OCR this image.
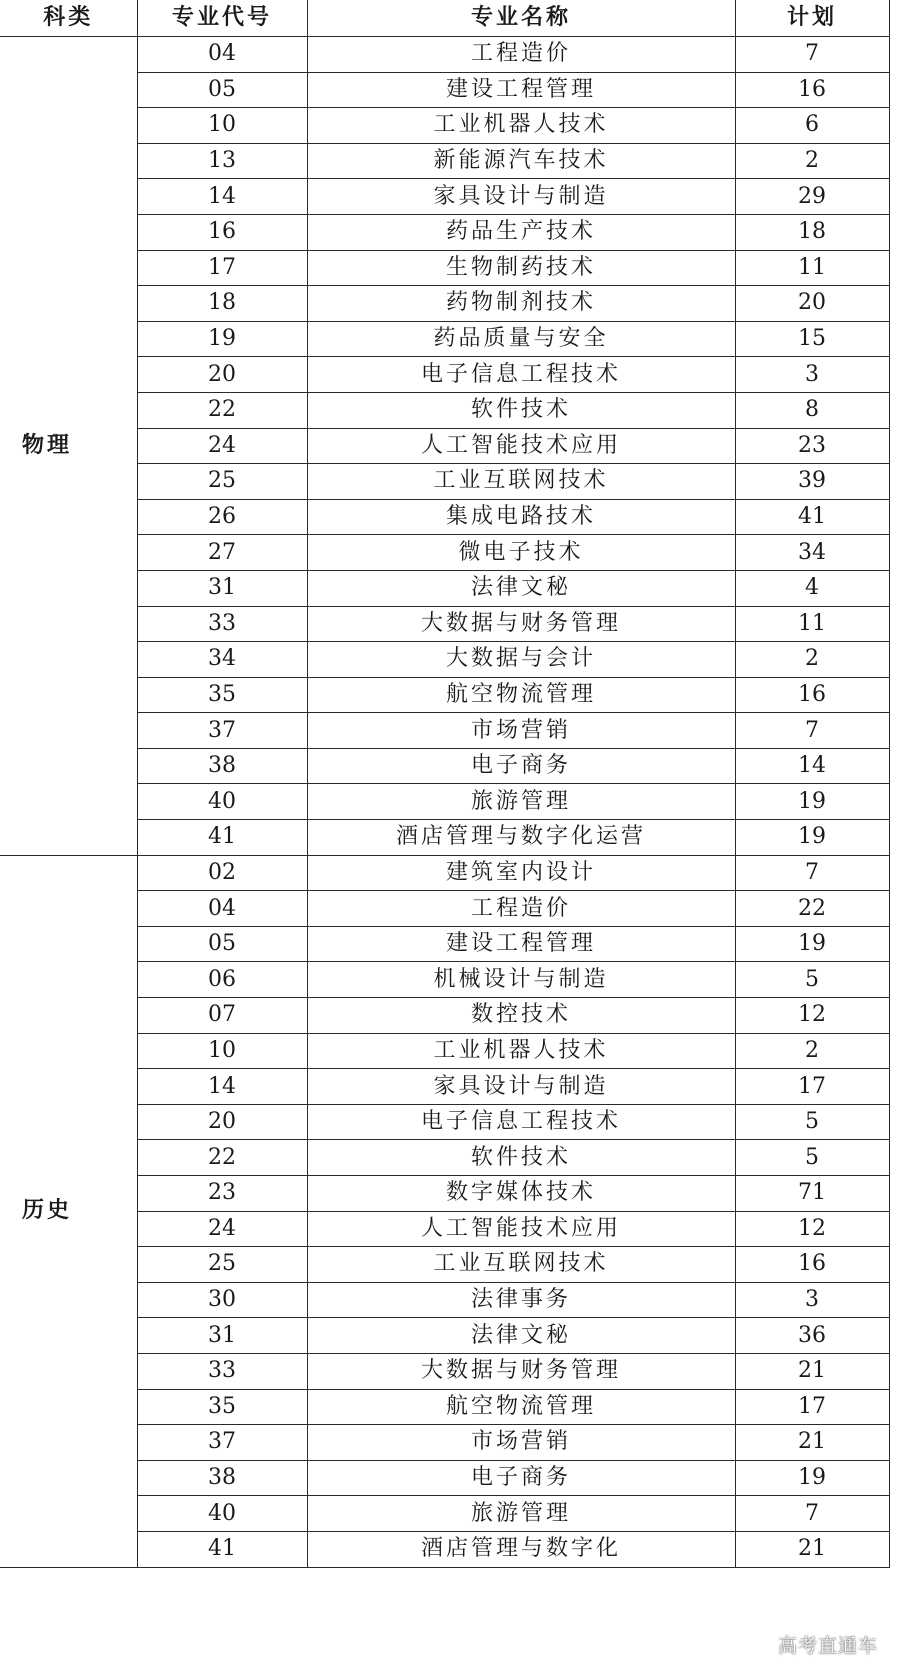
科类	专业代号	专业名称	计划
物理	04	工程造价	7
	05	建设工程管理	16
	10	工业机器人技术	6
	13	新能源汽车技术	2
	14	家具设计与制造	29
	16	药品生产技术	18
	17	生物制药技术	11
	18	药物制剂技术	20
	19	药品质量与安全	15
	20	电子信息工程技术	3
	22	软件技术	8
	24	人工智能技术应用	23
	25	工业互联网技术	39
	26	集成电路技术	41
	27	微电子技术	34
	31	法律文秘	4
	33	大数据与财务管理	11
	34	大数据与会计	2
	35	航空物流管理	16
	37	市场营销	7
	38	电子商务	14
	40	旅游管理	19
	41	酒店管理与数字化运营	19
历史	02	建筑室内设计	7
	04	工程造价	22
	05	建设工程管理	19
	06	机械设计与制造	5
	07	数控技术	12
	10	工业机器人技术	2
	14	家具设计与制造	17
	20	电子信息工程技术	5
	22	软件技术	5
	23	数字媒体技术	71
	24	人工智能技术应用	12
	25	工业互联网技术	16
	30	法律事务	3
	31	法律文秘	36
	33	大数据与财务管理	21
	35	航空物流管理	17
	37	市场营销	21
	38	电子商务	19
	40	旅游管理	7
	41	酒店管理与数字化	21
高考直通车
